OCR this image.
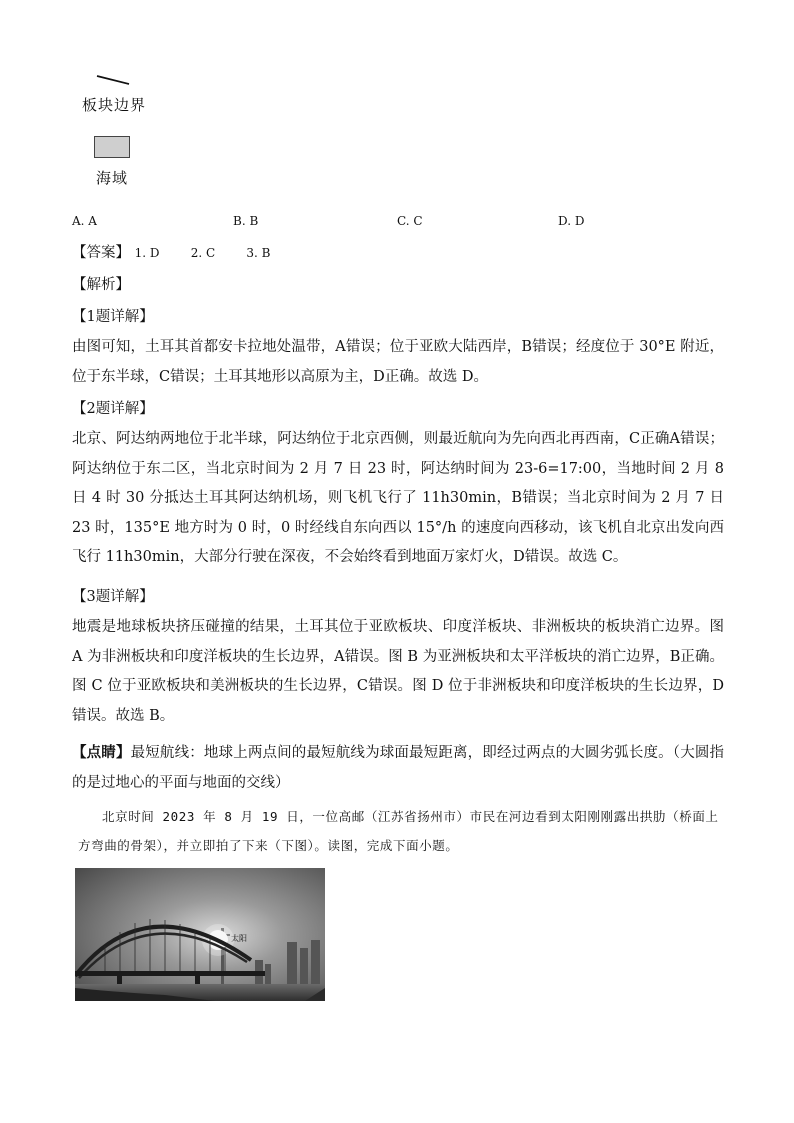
板块边界
海域
A. A	B. B	C. C	D. D
【答案】 1. D	2. C	3. B
【解析】
【1题详解】
由图可知，土耳其首都安卡拉地处温带，A错误；位于亚欧大陆西岸，B错误；经度位于 30°E 附近，位于东半球，C错误；土耳其地形以高原为主，D正确。故选 D。
【2题详解】
北京、阿达纳两地位于北半球，阿达纳位于北京西侧，则最近航向为先向西北再西南，C正确A错误；阿达纳位于东二区，当北京时间为 2 月 7 日 23 时，阿达纳时间为 23-6=17:00，当地时间 2 月 8 日 4 时 30 分抵达土耳其阿达纳机场，则飞机飞行了 11h30min，B错误；当北京时间为 2 月 7 日 23 时，135°E 地方时为 0 时，0 时经线自东向西以 15°/h 的速度向西移动，该飞机自北京出发向西飞行 11h30min，大部分行驶在深夜，不会始终看到地面万家灯火，D错误。故选 C。
【3题详解】
地震是地球板块挤压碰撞的结果，土耳其位于亚欧板块、印度洋板块、非洲板块的板块消亡边界。图 A 为非洲板块和印度洋板块的生长边界，A错误。图 B 为亚洲板块和太平洋板块的消亡边界，B正确。图 C 位于亚欧板块和美洲板块的生长边界，C错误。图 D 位于非洲板块和印度洋板块的生长边界，D错误。故选 B。
【点睛】最短航线：地球上两点间的最短航线为球面最短距离，即经过两点的大圆劣弧长度。（大圆指的是过地心的平面与地面的交线）
北京时间 2023 年 8 月 19 日，一位高邮（江苏省扬州市）市民在河边看到太阳刚刚露出拱肋（桥面上方弯曲的骨架），并立即拍了下来（下图）。读图，完成下面小题。
太阳
